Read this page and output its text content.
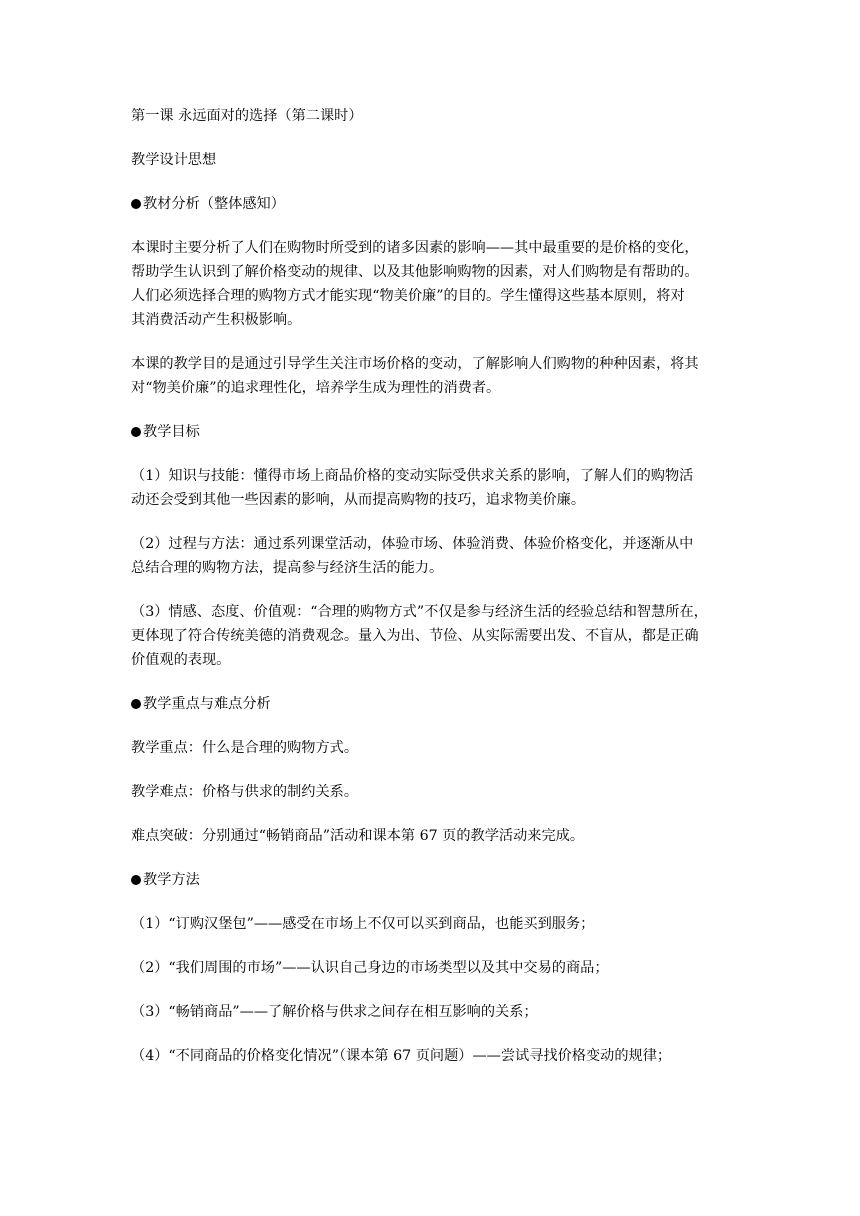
第一课 永远面对的选择（第二课时）
教学设计思想
教材分析（整体感知）
本课时主要分析了人们在购物时所受到的诸多因素的影响——其中最重要的是价格的变化，
帮助学生认识到了解价格变动的规律、以及其他影响购物的因素，对人们购物是有帮助的。
人们必须选择合理的购物方式才能实现“物美价廉”的目的。学生懂得这些基本原则，将对
其消费活动产生积极影响。
本课的教学目的是通过引导学生关注市场价格的变动，了解影响人们购物的种种因素，将其
对“物美价廉”的追求理性化，培养学生成为理性的消费者。
教学目标
（1）知识与技能：懂得市场上商品价格的变动实际受供求关系的影响，了解人们的购物活
动还会受到其他一些因素的影响，从而提高购物的技巧，追求物美价廉。
（2）过程与方法：通过系列课堂活动，体验市场、体验消费、体验价格变化，并逐渐从中
总结合理的购物方法，提高参与经济生活的能力。
（3）情感、态度、价值观：“合理的购物方式”不仅是参与经济生活的经验总结和智慧所在，
更体现了符合传统美德的消费观念。量入为出、节俭、从实际需要出发、不盲从，都是正确
价值观的表现。
教学重点与难点分析
教学重点：什么是合理的购物方式。
教学难点：价格与供求的制约关系。
难点突破：分别通过“畅销商品”活动和课本第 67 页的教学活动来完成。
教学方法
（1）“订购汉堡包”——感受在市场上不仅可以买到商品，也能买到服务；
（2）“我们周围的市场”——认识自己身边的市场类型以及其中交易的商品；
（3）“畅销商品”——了解价格与供求之间存在相互影响的关系；
（4）“不同商品的价格变化情况”（课本第 67 页问题）——尝试寻找价格变动的规律；
